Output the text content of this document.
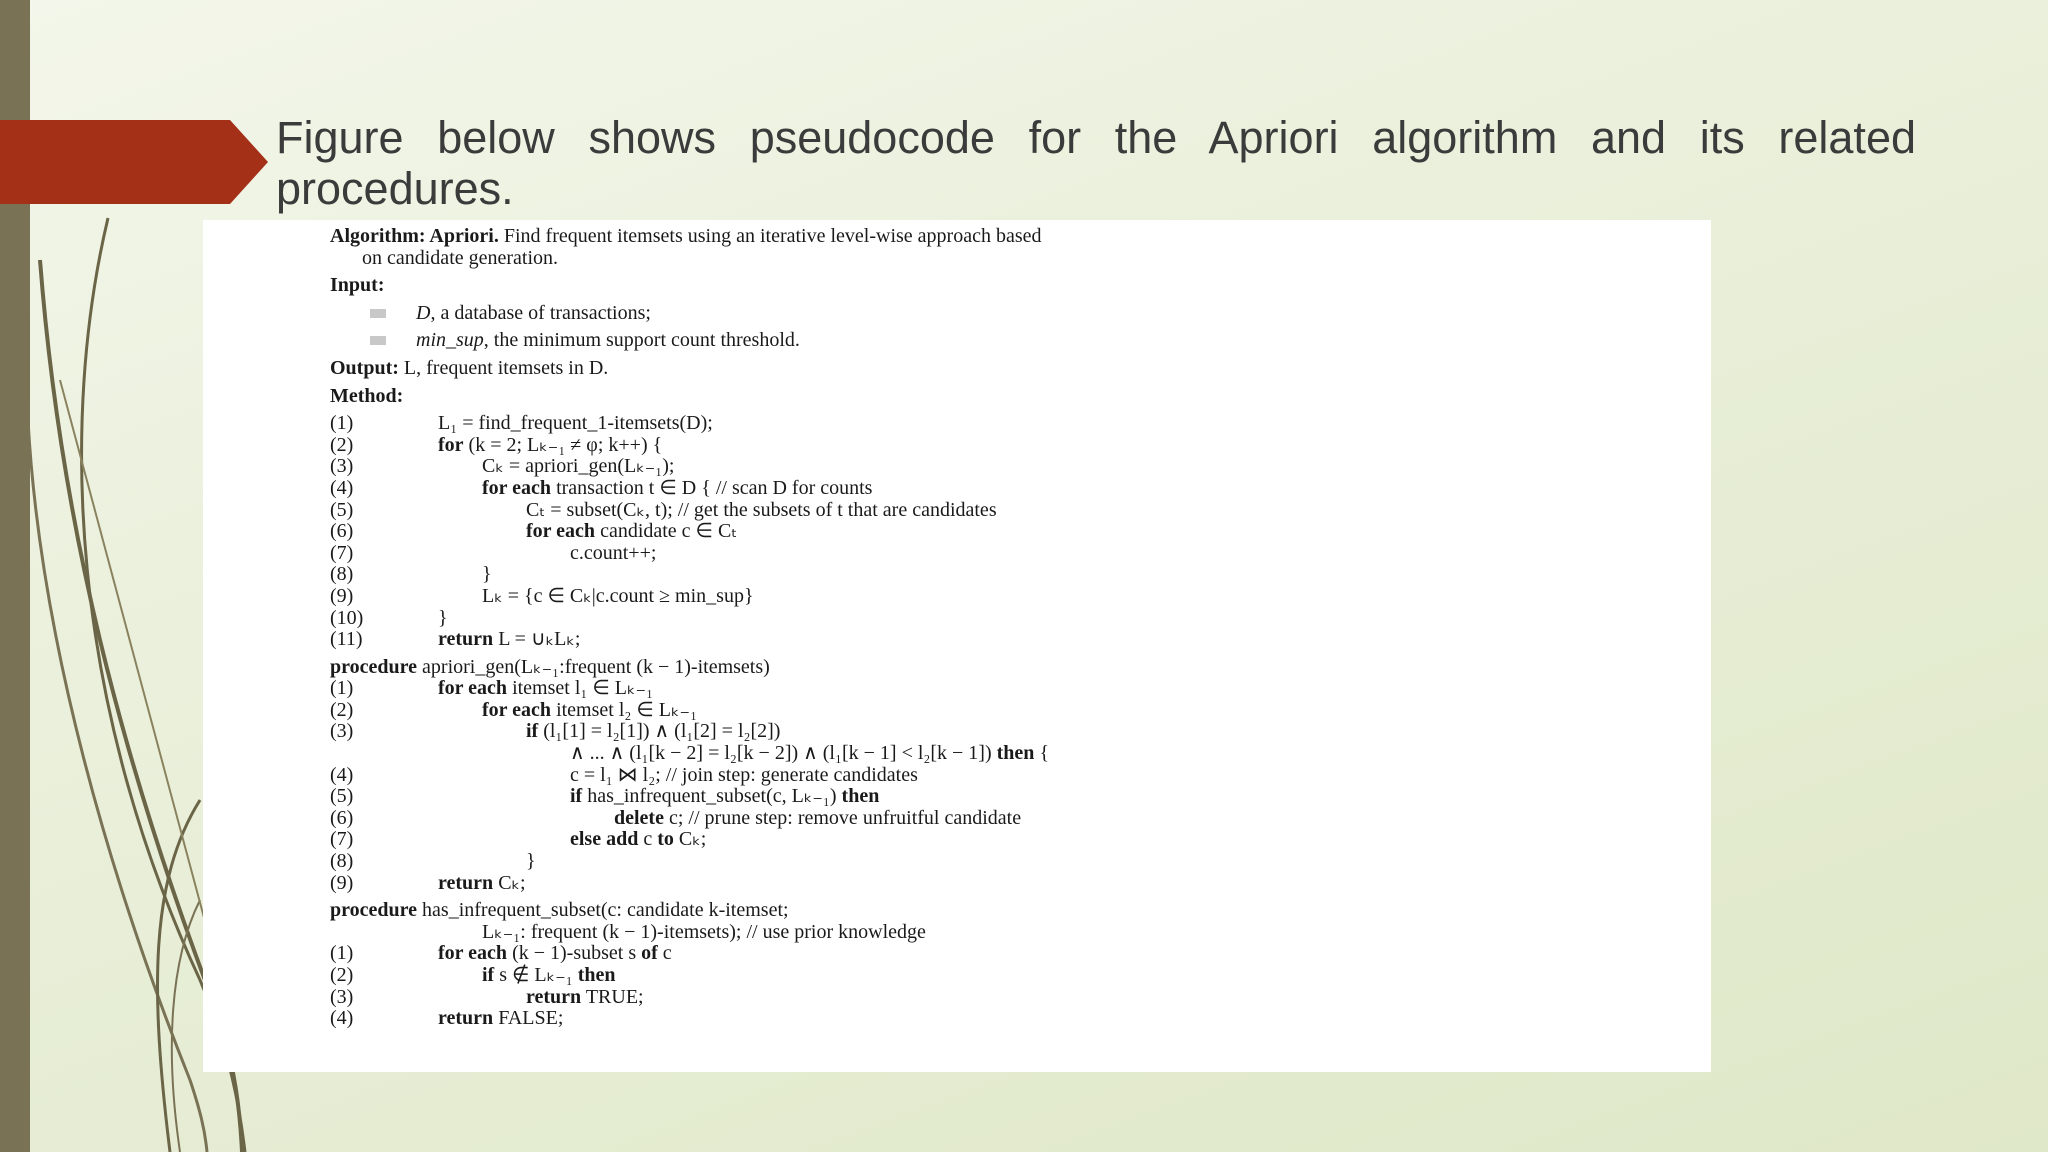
Figure below shows pseudocode for the Apriori algorithm and its related procedures.

Algorithm: Apriori. Find frequent itemsets using an iterative level-wise approach based
on candidate generation.
Input:
D, a database of transactions;
min_sup, the minimum support count threshold.
Output: L, frequent itemsets in D.
Method:
(1)	L₁ = find_frequent_1-itemsets(D);
(2)	for (k = 2; Lₖ₋₁ ≠ φ; k++) {
(3)	Cₖ = apriori_gen(Lₖ₋₁);
(4)	for each transaction t ∈ D { // scan D for counts
(5)	Cₜ = subset(Cₖ, t); // get the subsets of t that are candidates
(6)	for each candidate c ∈ Cₜ
(7)	c.count++;
(8)	}
(9)	Lₖ = {c ∈ Cₖ|c.count ≥ min_sup}
(10)	}
(11)	return L = ∪ₖLₖ;
procedure apriori_gen(Lₖ₋₁:frequent (k − 1)-itemsets)
(1)	for each itemset l₁ ∈ Lₖ₋₁
(2)	for each itemset l₂ ∈ Lₖ₋₁
(3)	if (l₁[1] = l₂[1]) ∧ (l₁[2] = l₂[2])
∧ ... ∧ (l₁[k − 2] = l₂[k − 2]) ∧ (l₁[k − 1] < l₂[k − 1]) then {
(4)	c = l₁ ⋈ l₂; // join step: generate candidates
(5)	if has_infrequent_subset(c, Lₖ₋₁) then
(6)	delete c; // prune step: remove unfruitful candidate
(7)	else add c to Cₖ;
(8)	}
(9)	return Cₖ;
procedure has_infrequent_subset(c: candidate k-itemset;
Lₖ₋₁: frequent (k − 1)-itemsets); // use prior knowledge
(1)	for each (k − 1)-subset s of c
(2)	if s ∉ Lₖ₋₁ then
(3)	return TRUE;
(4)	return FALSE;
